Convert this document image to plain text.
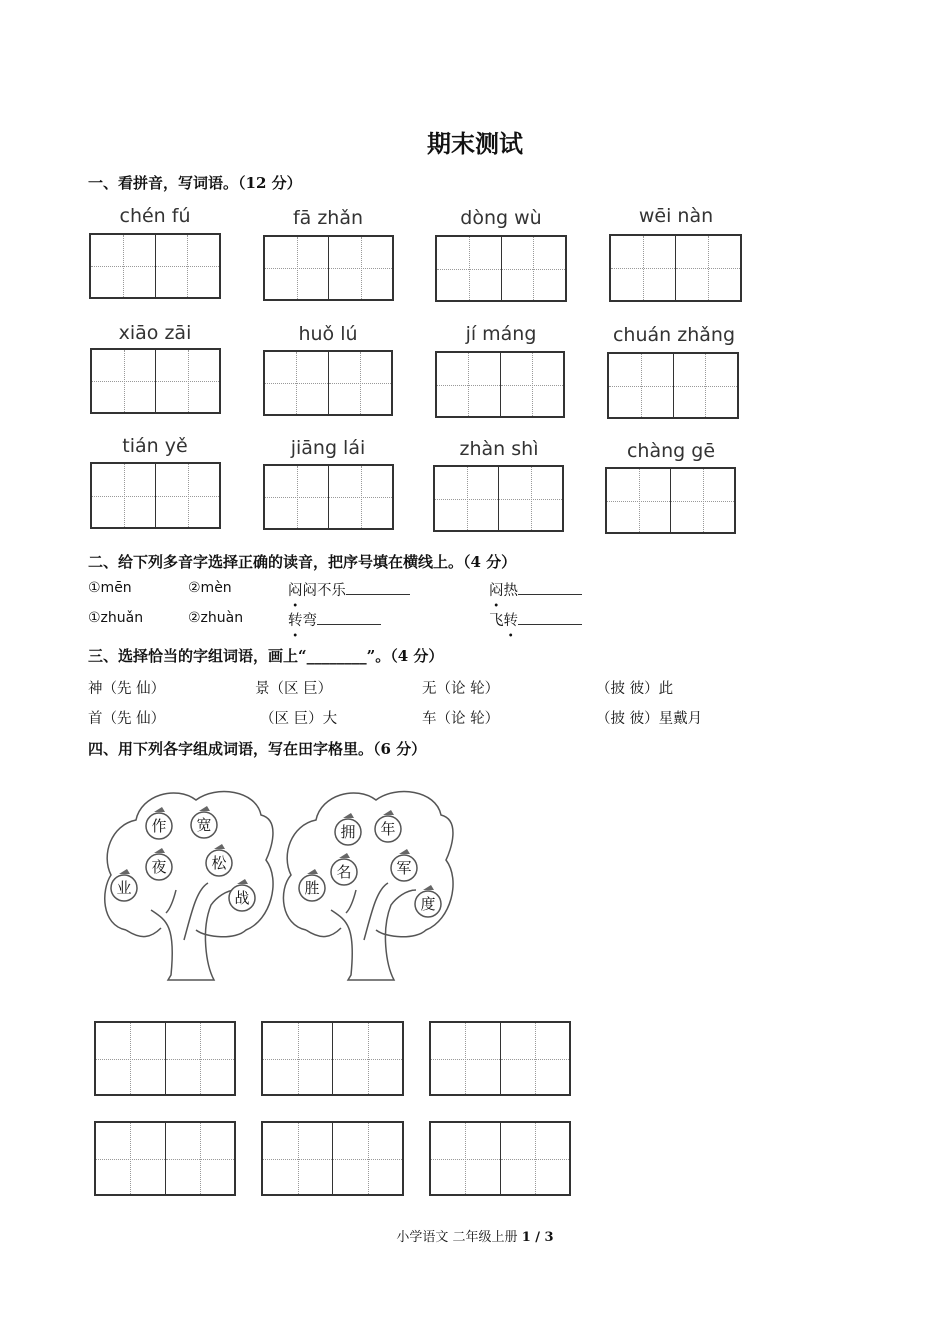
期末测试
一、看拼音，写词语。（12 分）
chén fú	fā zhǎn	dòng wù	wēi nàn
xiāo zāi	huǒ lú	jí máng	chuán zhǎng
tián yě	jiāng lái	zhàn shì	chàng gē
二、给下列多音字选择正确的读音，把序号填在横线上。（4 分）
①mēn	②mèn	闷闷不乐	闷热
①zhuǎn	②zhuàn	转弯	飞转
三、选择恰当的字组词语，画上“________”。（4 分）
神（先 仙）	景（区 巨）	无（论 轮）	（披 彼）此
首（先 仙）	（区 巨）大	车（论 轮）	（披 彼）星戴月
四、用下列各字组成词语，写在田字格里。（6 分）
作 宽
夜	松
业
战
拥 年
名	军
胜
度
小学语文 二年级上册 1 / 3
